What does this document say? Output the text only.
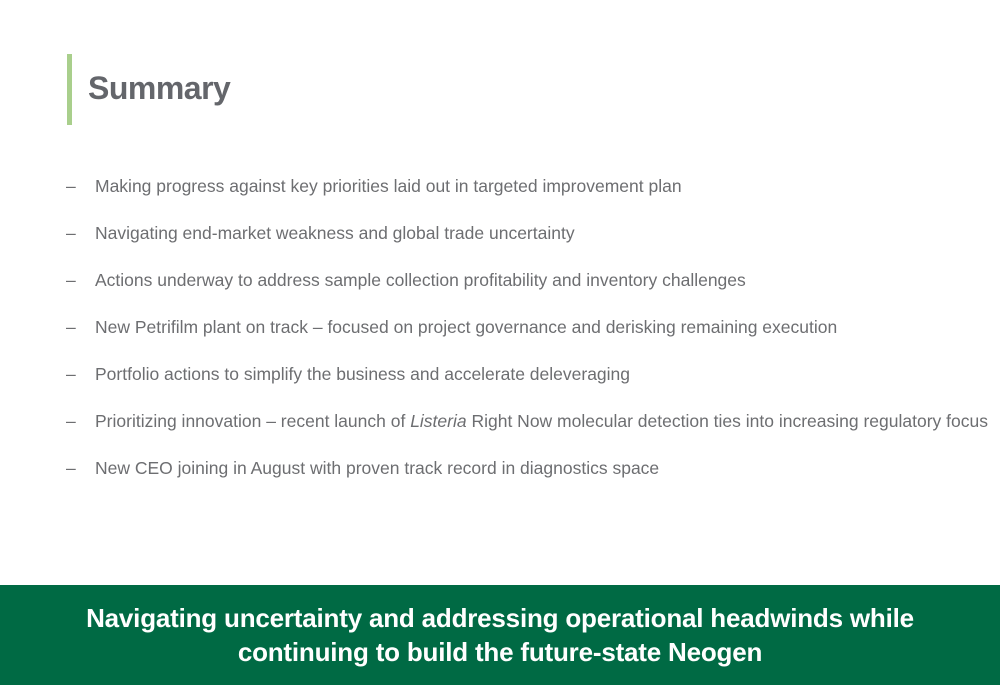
Summary
–	Making progress against key priorities laid out in targeted improvement plan
–	Navigating end-market weakness and global trade uncertainty
–	Actions underway to address sample collection profitability and inventory challenges
–	New Petrifilm plant on track – focused on project governance and derisking remaining execution
–	Portfolio actions to simplify the business and accelerate deleveraging
–	Prioritizing innovation – recent launch of Listeria Right Now molecular detection ties into increasing regulatory focus
–	New CEO joining in August with proven track record in diagnostics space
Navigating uncertainty and addressing operational headwinds while
continuing to build the future-state Neogen
